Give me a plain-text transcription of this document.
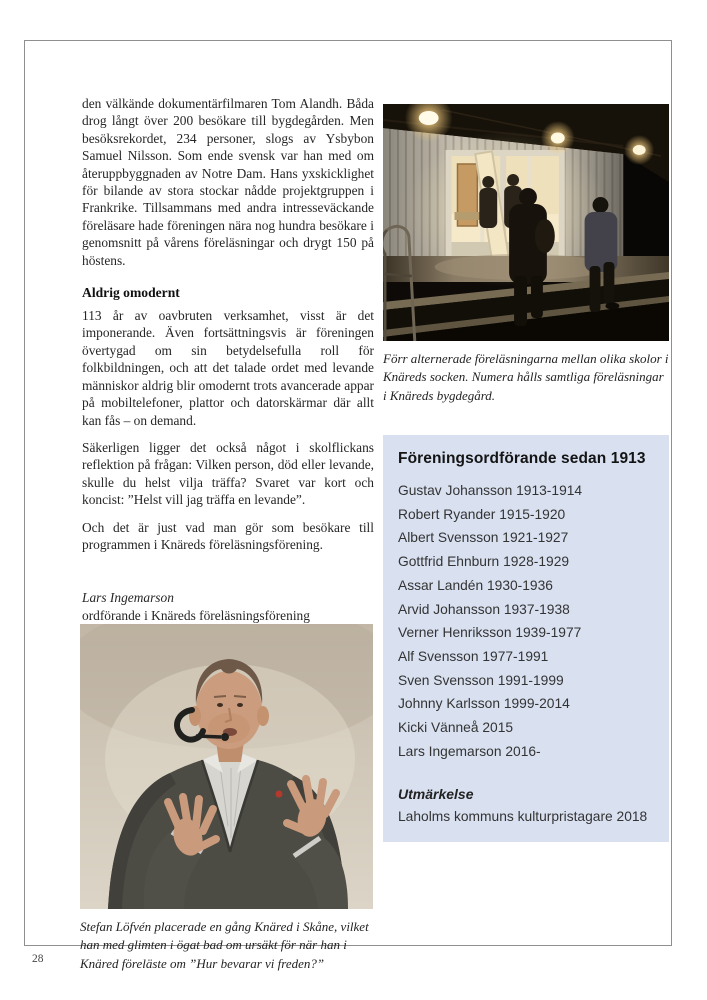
den välkände dokumentärfilmaren Tom Alandh. Båda drog långt över 200 besökare till bygdegården. Men besöksrekordet, 234 personer, slogs av Ysbybon Samuel Nilsson. Som ende svensk var han med om återuppbyggnaden av Notre Dam. Hans yxskicklighet för bilande av stora stockar nådde projektgruppen i Frankrike. Tillsammans med andra intresseväckande föreläsare hade föreningen nära nog hundra besökare i genomsnitt på vårens föreläsningar och drygt 150 på höstens.

Aldrig omodernt

113 år av oavbruten verksamhet, visst är det imponerande. Även fortsättningsvis är föreningen övertygad om sin betydelsefulla roll för folkbildningen, och att det talade ordet med levande människor aldrig blir omodernt trots avancerade appar på mobiltelefoner, plattor och datorskärmar där allt kan fås – on demand.

Säkerligen ligger det också något i skolflickans reflektion på frågan: Vilken person, död eller levande, skulle du helst vilja träffa? Svaret var kort och koncist: ”Helst vill jag träffa en levande”.

Och det är just vad man gör som besökare till programmen i Knäreds föreläsningsförening.

Lars Ingemarson
ordförande i Knäreds föreläsningsförening
Förr alternerade föreläsningarna mellan olika skolor i Knäreds socken. Numera hålls samtliga föreläsningar i Knäreds bygdegård.
Föreningsordförande sedan 1913
Gustav Johansson 1913-1914
Robert Ryander 1915-1920
Albert Svensson 1921-1927
Gottfrid Ehnburn 1928-1929
Assar Landén 1930-1936
Arvid Johansson 1937-1938
Verner Henriksson 1939-1977
Alf Svensson 1977-1991
Sven Svensson 1991-1999
Johnny Karlsson 1999-2014
Kicki Vänneå 2015
Lars Ingemarson 2016-
Utmärkelse

Laholms kommuns kulturpristagare 2018

Stefan Löfvén placerade en gång Knäred i Skåne, vilket han med glimten i ögat bad om ursäkt för när han i Knäred föreläste om ”Hur bevarar vi freden?”
28
